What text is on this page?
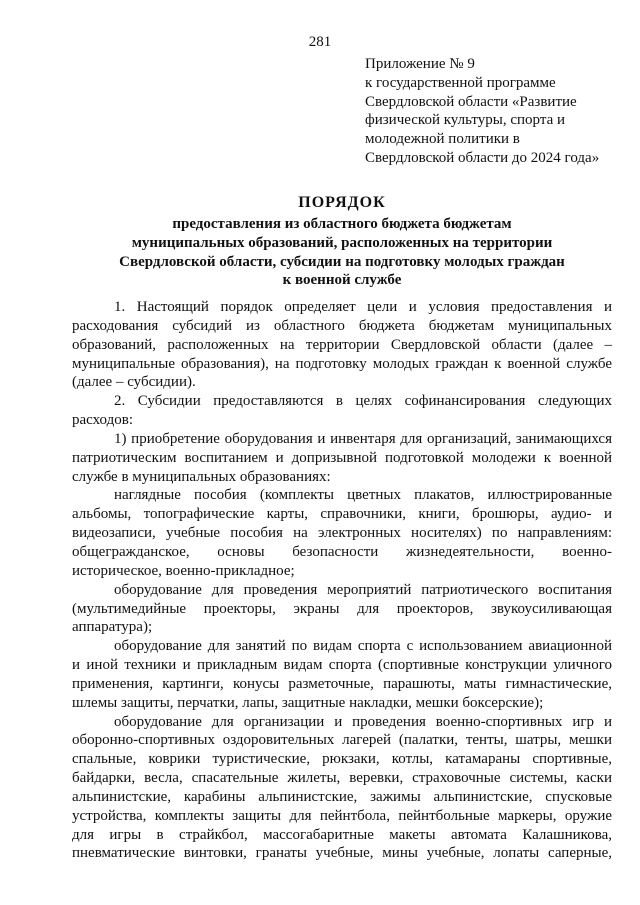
281
Приложение № 9
к государственной программе
Свердловской области «Развитие
физической культуры, спорта и
молодежной политики в
Свердловской области до 2024 года»
ПОРЯДОК
предоставления из областного бюджета бюджетам
муниципальных образований, расположенных на территории
Свердловской области, субсидии на подготовку молодых граждан
к военной службе
1. Настоящий порядок определяет цели и условия предоставления и
расходования субсидий из областного бюджета бюджетам муниципальных
образований, расположенных на территории Свердловской области (далее –
муниципальные образования), на подготовку молодых граждан к военной службе
(далее – субсидии).
2. Субсидии предоставляются в целях софинансирования следующих
расходов:
1) приобретение оборудования и инвентаря для организаций, занимающихся
патриотическим воспитанием и допризывной подготовкой молодежи к военной
службе в муниципальных образованиях:
наглядные пособия (комплекты цветных плакатов, иллюстрированные
альбомы, топографические карты, справочники, книги, брошюры, аудио- и
видеозаписи, учебные пособия на электронных носителях) по направлениям:
общегражданское, основы безопасности жизнедеятельности, военно-
историческое, военно-прикладное;
оборудование для проведения мероприятий патриотического воспитания
(мультимедийные проекторы, экраны для проекторов, звукоусиливающая
аппаратура);
оборудование для занятий по видам спорта с использованием авиационной
и иной техники и прикладным видам спорта (спортивные конструкции уличного
применения, картинги, конусы разметочные, парашюты, маты гимнастические,
шлемы защиты, перчатки, лапы, защитные накладки, мешки боксерские);
оборудование для организации и проведения военно-спортивных игр и
оборонно-спортивных оздоровительных лагерей (палатки, тенты, шатры, мешки
спальные, коврики туристические, рюкзаки, котлы, катамараны спортивные,
байдарки, весла, спасательные жилеты, веревки, страховочные системы, каски
альпинистские, карабины альпинистские, зажимы альпинистские, спусковые
устройства, комплекты защиты для пейнтбола, пейнтбольные маркеры, оружие
для игры в страйкбол, массогабаритные макеты автомата Калашникова,
пневматические винтовки, гранаты учебные, мины учебные, лопаты саперные,
